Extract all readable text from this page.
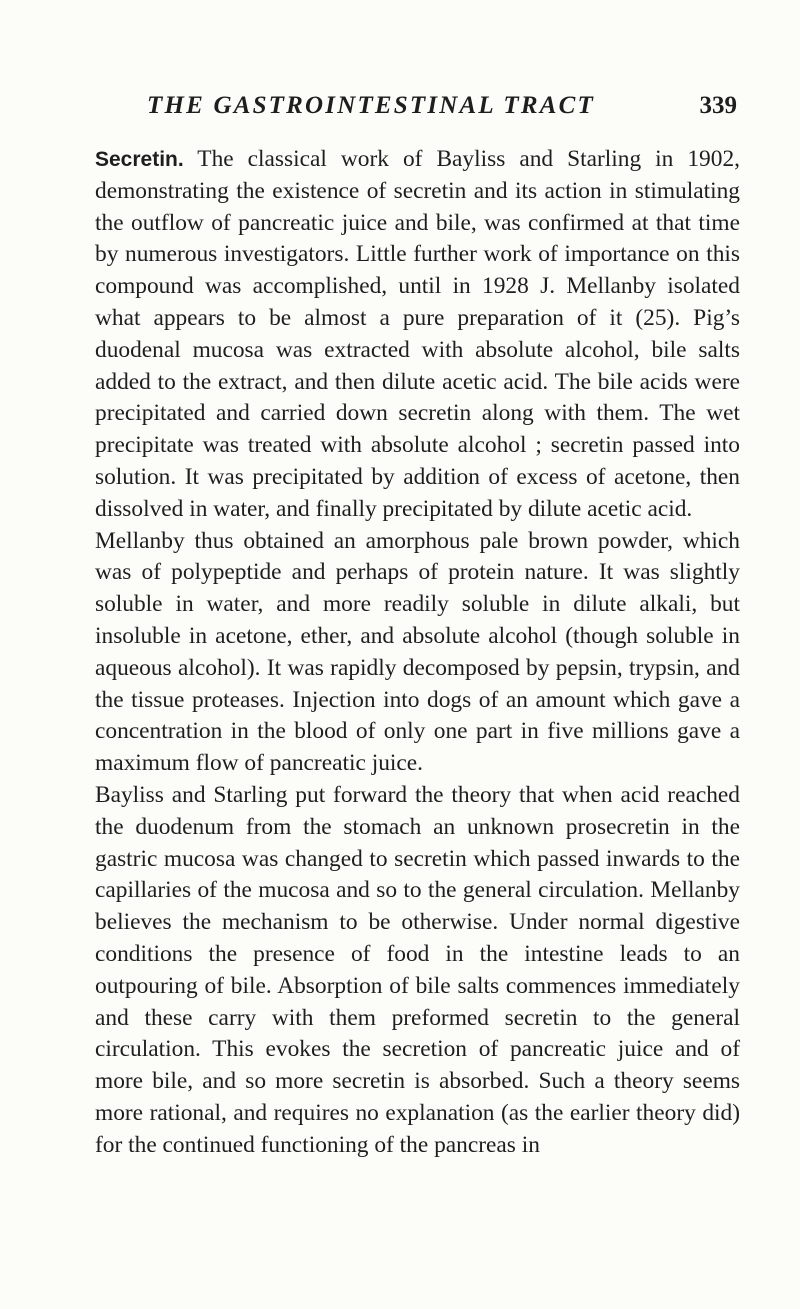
THE GASTROINTESTINAL TRACT	339

Secretin. The classical work of Bayliss and Starling in 1902, demonstrating the existence of secretin and its action in stimulating the outflow of pancreatic juice and bile, was confirmed at that time by numerous investigators. Little further work of importance on this compound was accomplished, until in 1928 J. Mellanby isolated what appears to be almost a pure preparation of it (25). Pig’s duodenal mucosa was extracted with absolute alcohol, bile salts added to the extract, and then dilute acetic acid. The bile acids were precipitated and carried down secretin along with them. The wet precipitate was treated with absolute alcohol ; secretin passed into solution. It was precipitated by addition of excess of acetone, then dissolved in water, and finally precipitated by dilute acetic acid.

Mellanby thus obtained an amorphous pale brown powder, which was of polypeptide and perhaps of protein nature. It was slightly soluble in water, and more readily soluble in dilute alkali, but insoluble in acetone, ether, and absolute alcohol (though soluble in aqueous alcohol). It was rapidly decomposed by pepsin, trypsin, and the tissue proteases. Injection into dogs of an amount which gave a concentration in the blood of only one part in five millions gave a maximum flow of pancreatic juice.

Bayliss and Starling put forward the theory that when acid reached the duodenum from the stomach an unknown prosecretin in the gastric mucosa was changed to secretin which passed inwards to the capillaries of the mucosa and so to the general circulation. Mellanby believes the mechanism to be otherwise. Under normal digestive conditions the presence of food in the intestine leads to an outpouring of bile. Absorption of bile salts commences immediately and these carry with them preformed secretin to the general circulation. This evokes the secretion of pancreatic juice and of more bile, and so more secretin is absorbed. Such a theory seems more rational, and requires no explanation (as the earlier theory did) for the continued functioning of the pancreas in
